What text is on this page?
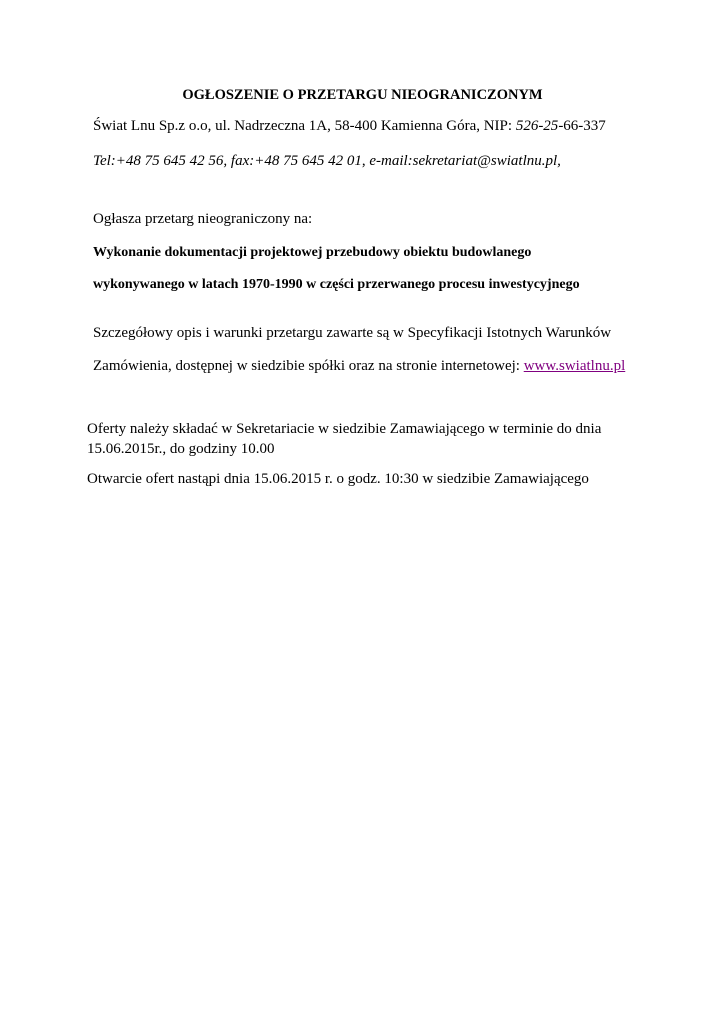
OGŁOSZENIE O PRZETARGU NIEOGRANICZONYM
Świat Lnu Sp.z o.o, ul. Nadrzeczna 1A, 58-400 Kamienna Góra, NIP: 526-25-66-337
Tel:+48 75 645 42 56, fax:+48 75 645 42 01, e-mail:sekretariat@swiatlnu.pl,
Ogłasza przetarg nieograniczony na:
Wykonanie dokumentacji projektowej przebudowy obiektu budowlanego
wykonywanego w latach 1970-1990 w części przerwanego procesu inwestycyjnego
Szczegółowy opis i warunki przetargu zawarte są w Specyfikacji Istotnych Warunków
Zamówienia, dostępnej w siedzibie spółki oraz na stronie internetowej: www.swiatlnu.pl
Oferty należy składać w Sekretariacie w siedzibie Zamawiającego w terminie do dnia
15.06.2015r., do godziny 10.00
Otwarcie ofert nastąpi dnia 15.06.2015 r. o godz. 10:30 w siedzibie Zamawiającego
